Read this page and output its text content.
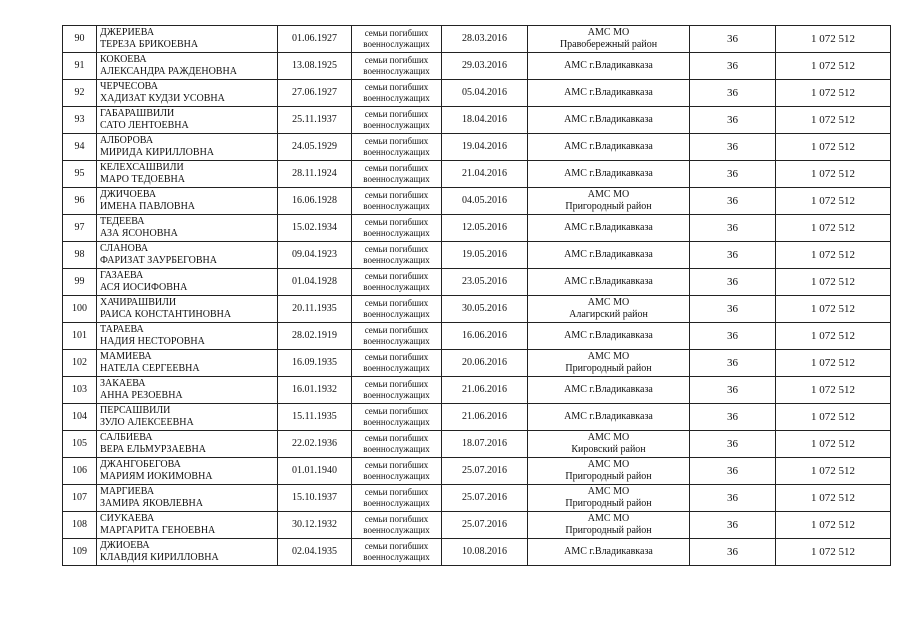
90	ДЖЕРИЕВА
ТЕРЕЗА БРИКОЕВНА	01.06.1927	семьи погибших
военнослужащих	28.03.2016	АМС МО
Правобережный район	36	1 072 512
91	КОКОЕВА
АЛЕКСАНДРА РАЖДЕНОВНА	13.08.1925	семьи погибших
военнослужащих	29.03.2016	АМС г.Владикавказа	36	1 072 512
92	ЧЕРЧЕСОВА
ХАДИЗАТ КУДЗИ УСОВНА	27.06.1927	семьи погибших
военнослужащих	05.04.2016	АМС г.Владикавказа	36	1 072 512
93	ГАБАРАШВИЛИ
САТО ЛЕНТОЕВНА	25.11.1937	семьи погибших
военнослужащих	18.04.2016	АМС г.Владикавказа	36	1 072 512
94	АЛБОРОВА
МИРИДА КИРИЛЛОВНА	24.05.1929	семьи погибших
военнослужащих	19.04.2016	АМС г.Владикавказа	36	1 072 512
95	КЕЛЕХСАШВИЛИ
МАРО ТЕДОЕВНА	28.11.1924	семьи погибших
военнослужащих	21.04.2016	АМС г.Владикавказа	36	1 072 512
96	ДЖИЧОЕВА
ИМЕНА ПАВЛОВНА	16.06.1928	семьи погибших
военнослужащих	04.05.2016	АМС МО
Пригородный район	36	1 072 512
97	ТЕДЕЕВА
АЗА ЯСОНОВНА	15.02.1934	семьи погибших
военнослужащих	12.05.2016	АМС г.Владикавказа	36	1 072 512
98	СЛАНОВА
ФАРИЗАТ ЗАУРБЕГОВНА	09.04.1923	семьи погибших
военнослужащих	19.05.2016	АМС г.Владикавказа	36	1 072 512
99	ГАЗАЕВА
АСЯ ИОСИФОВНА	01.04.1928	семьи погибших
военнослужащих	23.05.2016	АМС г.Владикавказа	36	1 072 512
100	ХАЧИРАШВИЛИ
РАИСА КОНСТАНТИНОВНА	20.11.1935	семьи погибших
военнослужащих	30.05.2016	АМС МО
Алагирский район	36	1 072 512
101	ТАРАЕВА
НАДИЯ НЕСТОРОВНА	28.02.1919	семьи погибших
военнослужащих	16.06.2016	АМС г.Владикавказа	36	1 072 512
102	МАМИЕВА
НАТЕЛА СЕРГЕЕВНА	16.09.1935	семьи погибших
военнослужащих	20.06.2016	АМС МО
Пригородный район	36	1 072 512
103	ЗАКАЕВА
АННА РЕЗОЕВНА	16.01.1932	семьи погибших
военнослужащих	21.06.2016	АМС г.Владикавказа	36	1 072 512
104	ПЕРСАШВИЛИ
ЗУЛО АЛЕКСЕЕВНА	15.11.1935	семьи погибших
военнослужащих	21.06.2016	АМС г.Владикавказа	36	1 072 512
105	САЛБИЕВА
ВЕРА ЕЛЬМУРЗАЕВНА	22.02.1936	семьи погибших
военнослужащих	18.07.2016	АМС МО
Кировский район	36	1 072 512
106	ДЖАНГОБЕГОВА
МАРИЯМ ИОКИМОВНА	01.01.1940	семьи погибших
военнослужащих	25.07.2016	АМС МО
Пригородный район	36	1 072 512
107	МАРГИЕВА
ЗАМИРА ЯКОВЛЕВНА	15.10.1937	семьи погибших
военнослужащих	25.07.2016	АМС МО
Пригородный район	36	1 072 512
108	СИУКАЕВА
МАРГАРИТА ГЕНОЕВНА	30.12.1932	семьи погибших
военнослужащих	25.07.2016	АМС МО
Пригородный район	36	1 072 512
109	ДЖИОЕВА
КЛАВДИЯ КИРИЛЛОВНА	02.04.1935	семьи погибших
военнослужащих	10.08.2016	АМС г.Владикавказа	36	1 072 512
